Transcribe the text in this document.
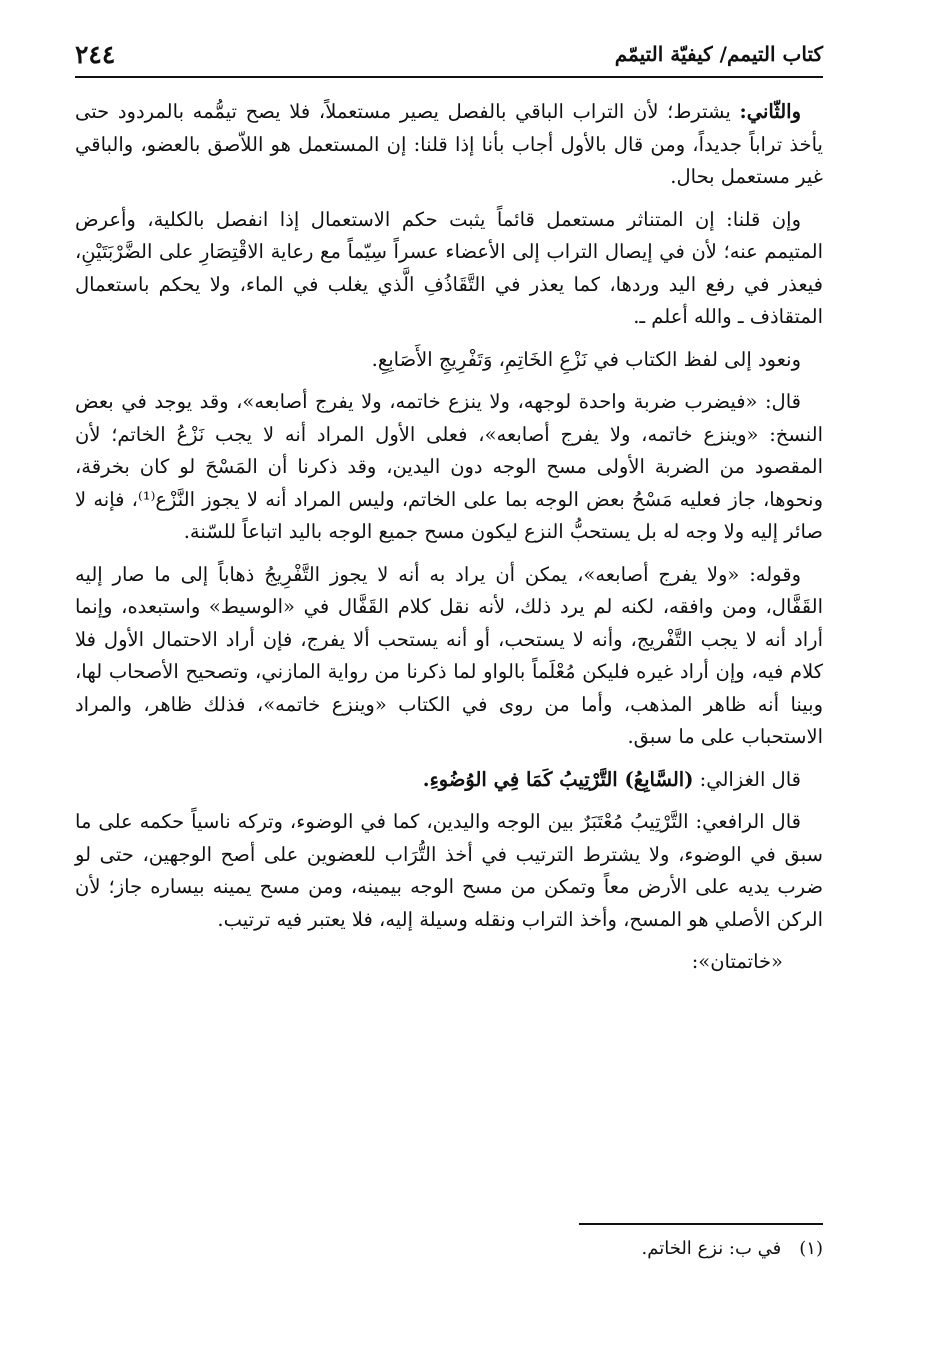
٢٤٤	كتاب التيمم/ كيفيّة التيمّم

والثّاني: يشترط؛ لأن التراب الباقي بالفصل يصير مستعملاً، فلا يصح تيمُّمه بالمردود حتى يأخذ تراباً جديداً، ومن قال بالأول أجاب بأنا إذا قلنا: إن المستعمل هو اللاّصق بالعضو، والباقي غير مستعمل بحال.

وإن قلنا: إن المتناثر مستعمل قائماً يثبت حكم الاستعمال إذا انفصل بالكلية، وأعرض المتيمم عنه؛ لأن في إيصال التراب إلى الأعضاء عسراً سِيّماً مع رعاية الاقْتِصَارِ على الضَّرْبَتَيْنِ، فيعذر في رفع اليد وردها، كما يعذر في التَّقَاذُفِ الَّذي يغلب في الماء، ولا يحكم باستعمال المتقاذف ـ والله أعلم ـ.

ونعود إلى لفظ الكتاب في نَزْعِ الخَاتِمِ، وَتَفْرِيجِ الأَصَابِعِ.

قال: «فيضرب ضربة واحدة لوجهه، ولا ينزع خاتمه، ولا يفرج أصابعه»، وقد يوجد في بعض النسخ: «وينزع خاتمه، ولا يفرج أصابعه»، فعلى الأول المراد أنه لا يجب نَزْعُ الخاتم؛ لأن المقصود من الضربة الأولى مسح الوجه دون اليدين، وقد ذكرنا أن المَسْحَ لو كان بخرقة، ونحوها، جاز فعليه مَسْحُ بعض الوجه بما على الخاتم، وليس المراد أنه لا يجوز النَّزْع⁽¹⁾، فإنه لا صائر إليه ولا وجه له بل يستحبُّ النزع ليكون مسح جميع الوجه باليد اتباعاً للسّنة.

وقوله: «ولا يفرج أصابعه»، يمكن أن يراد به أنه لا يجوز التَّفْرِيجُ ذهاباً إلى ما صار إليه القَفَّال، ومن وافقه، لكنه لم يرد ذلك، لأنه نقل كلام القَفَّال في «الوسيط» واستبعده، وإنما أراد أنه لا يجب التَّفْريج، وأنه لا يستحب، أو أنه يستحب ألا يفرج، فإن أراد الاحتمال الأول فلا كلام فيه، وإن أراد غيره فليكن مُعْلَماً بالواو لما ذكرنا من رواية المازني، وتصحيح الأصحاب لها، وبينا أنه ظاهر المذهب، وأما من روى في الكتاب «وينزع خاتمه»، فذلك ظاهر، والمراد الاستحباب على ما سبق.

قال الغزالي: (السَّابِعُ) التَّرْتِيبُ كَمَا فِي الوُضُوءِ.

قال الرافعي: التَّرْتِيبُ مُعْتَبَرٌ بين الوجه واليدين، كما في الوضوء، وتركه ناسياً حكمه على ما سبق في الوضوء، ولا يشترط الترتيب في أخذ التُّرَاب للعضوين على أصح الوجهين، حتى لو ضرب يديه على الأرض معاً وتمكن من مسح الوجه بيمينه، ومن مسح يمينه بيساره جاز؛ لأن الركن الأصلي هو المسح، وأخذ التراب ونقله وسيلة إليه، فلا يعتبر فيه ترتيب.

«خاتمتان»:

(١)في ب: نزع الخاتم.
